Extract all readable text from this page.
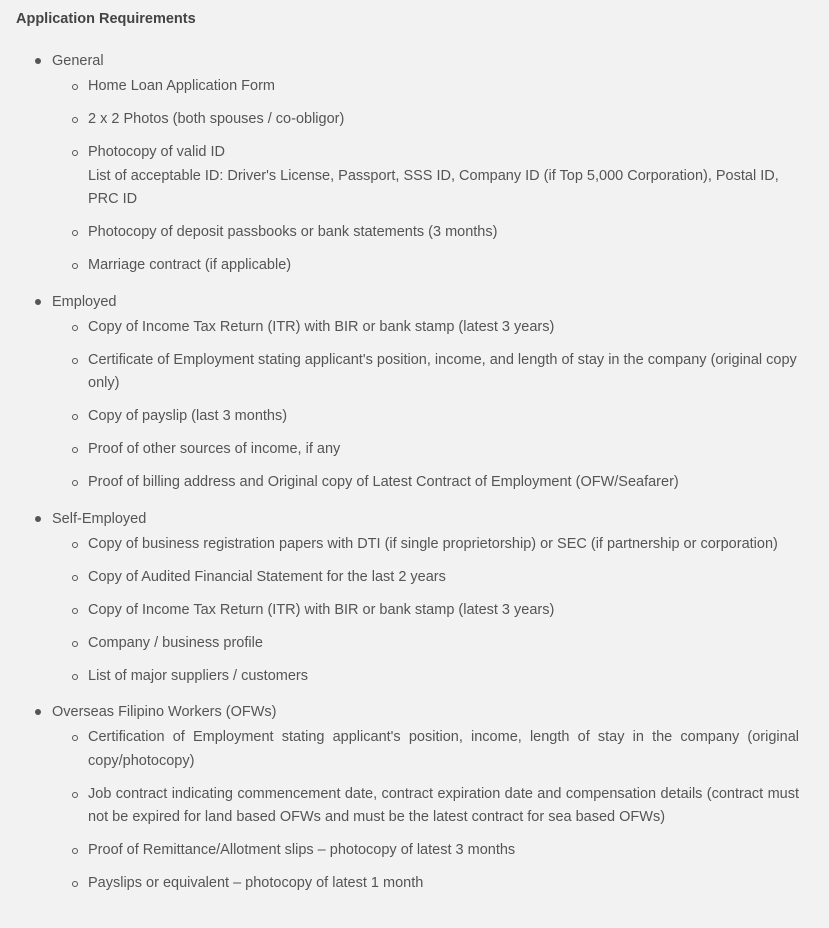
Application Requirements
General
Home Loan Application Form
2 x 2 Photos (both spouses / co-obligor)
Photocopy of valid ID
List of acceptable ID: Driver's License, Passport, SSS ID, Company ID (if Top 5,000 Corporation), Postal ID, PRC ID
Photocopy of deposit passbooks or bank statements (3 months)
Marriage contract (if applicable)
Employed
Copy of Income Tax Return (ITR) with BIR or bank stamp (latest 3 years)
Certificate of Employment stating applicant's position, income, and length of stay in the company (original copy only)
Copy of payslip (last 3 months)
Proof of other sources of income, if any
Proof of billing address and Original copy of Latest Contract of Employment (OFW/Seafarer)
Self-Employed
Copy of business registration papers with DTI (if single proprietorship) or SEC (if partnership or corporation)
Copy of Audited Financial Statement for the last 2 years
Copy of Income Tax Return (ITR) with BIR or bank stamp (latest 3 years)
Company / business profile
List of major suppliers / customers
Overseas Filipino Workers (OFWs)
Certification of Employment stating applicant's position, income, length of stay in the company (original copy/photocopy)
Job contract indicating commencement date, contract expiration date and compensation details (contract must not be expired for land based OFWs and must be the latest contract for sea based OFWs)
Proof of Remittance/Allotment slips – photocopy of latest 3 months
Payslips or equivalent – photocopy of latest 1 month
